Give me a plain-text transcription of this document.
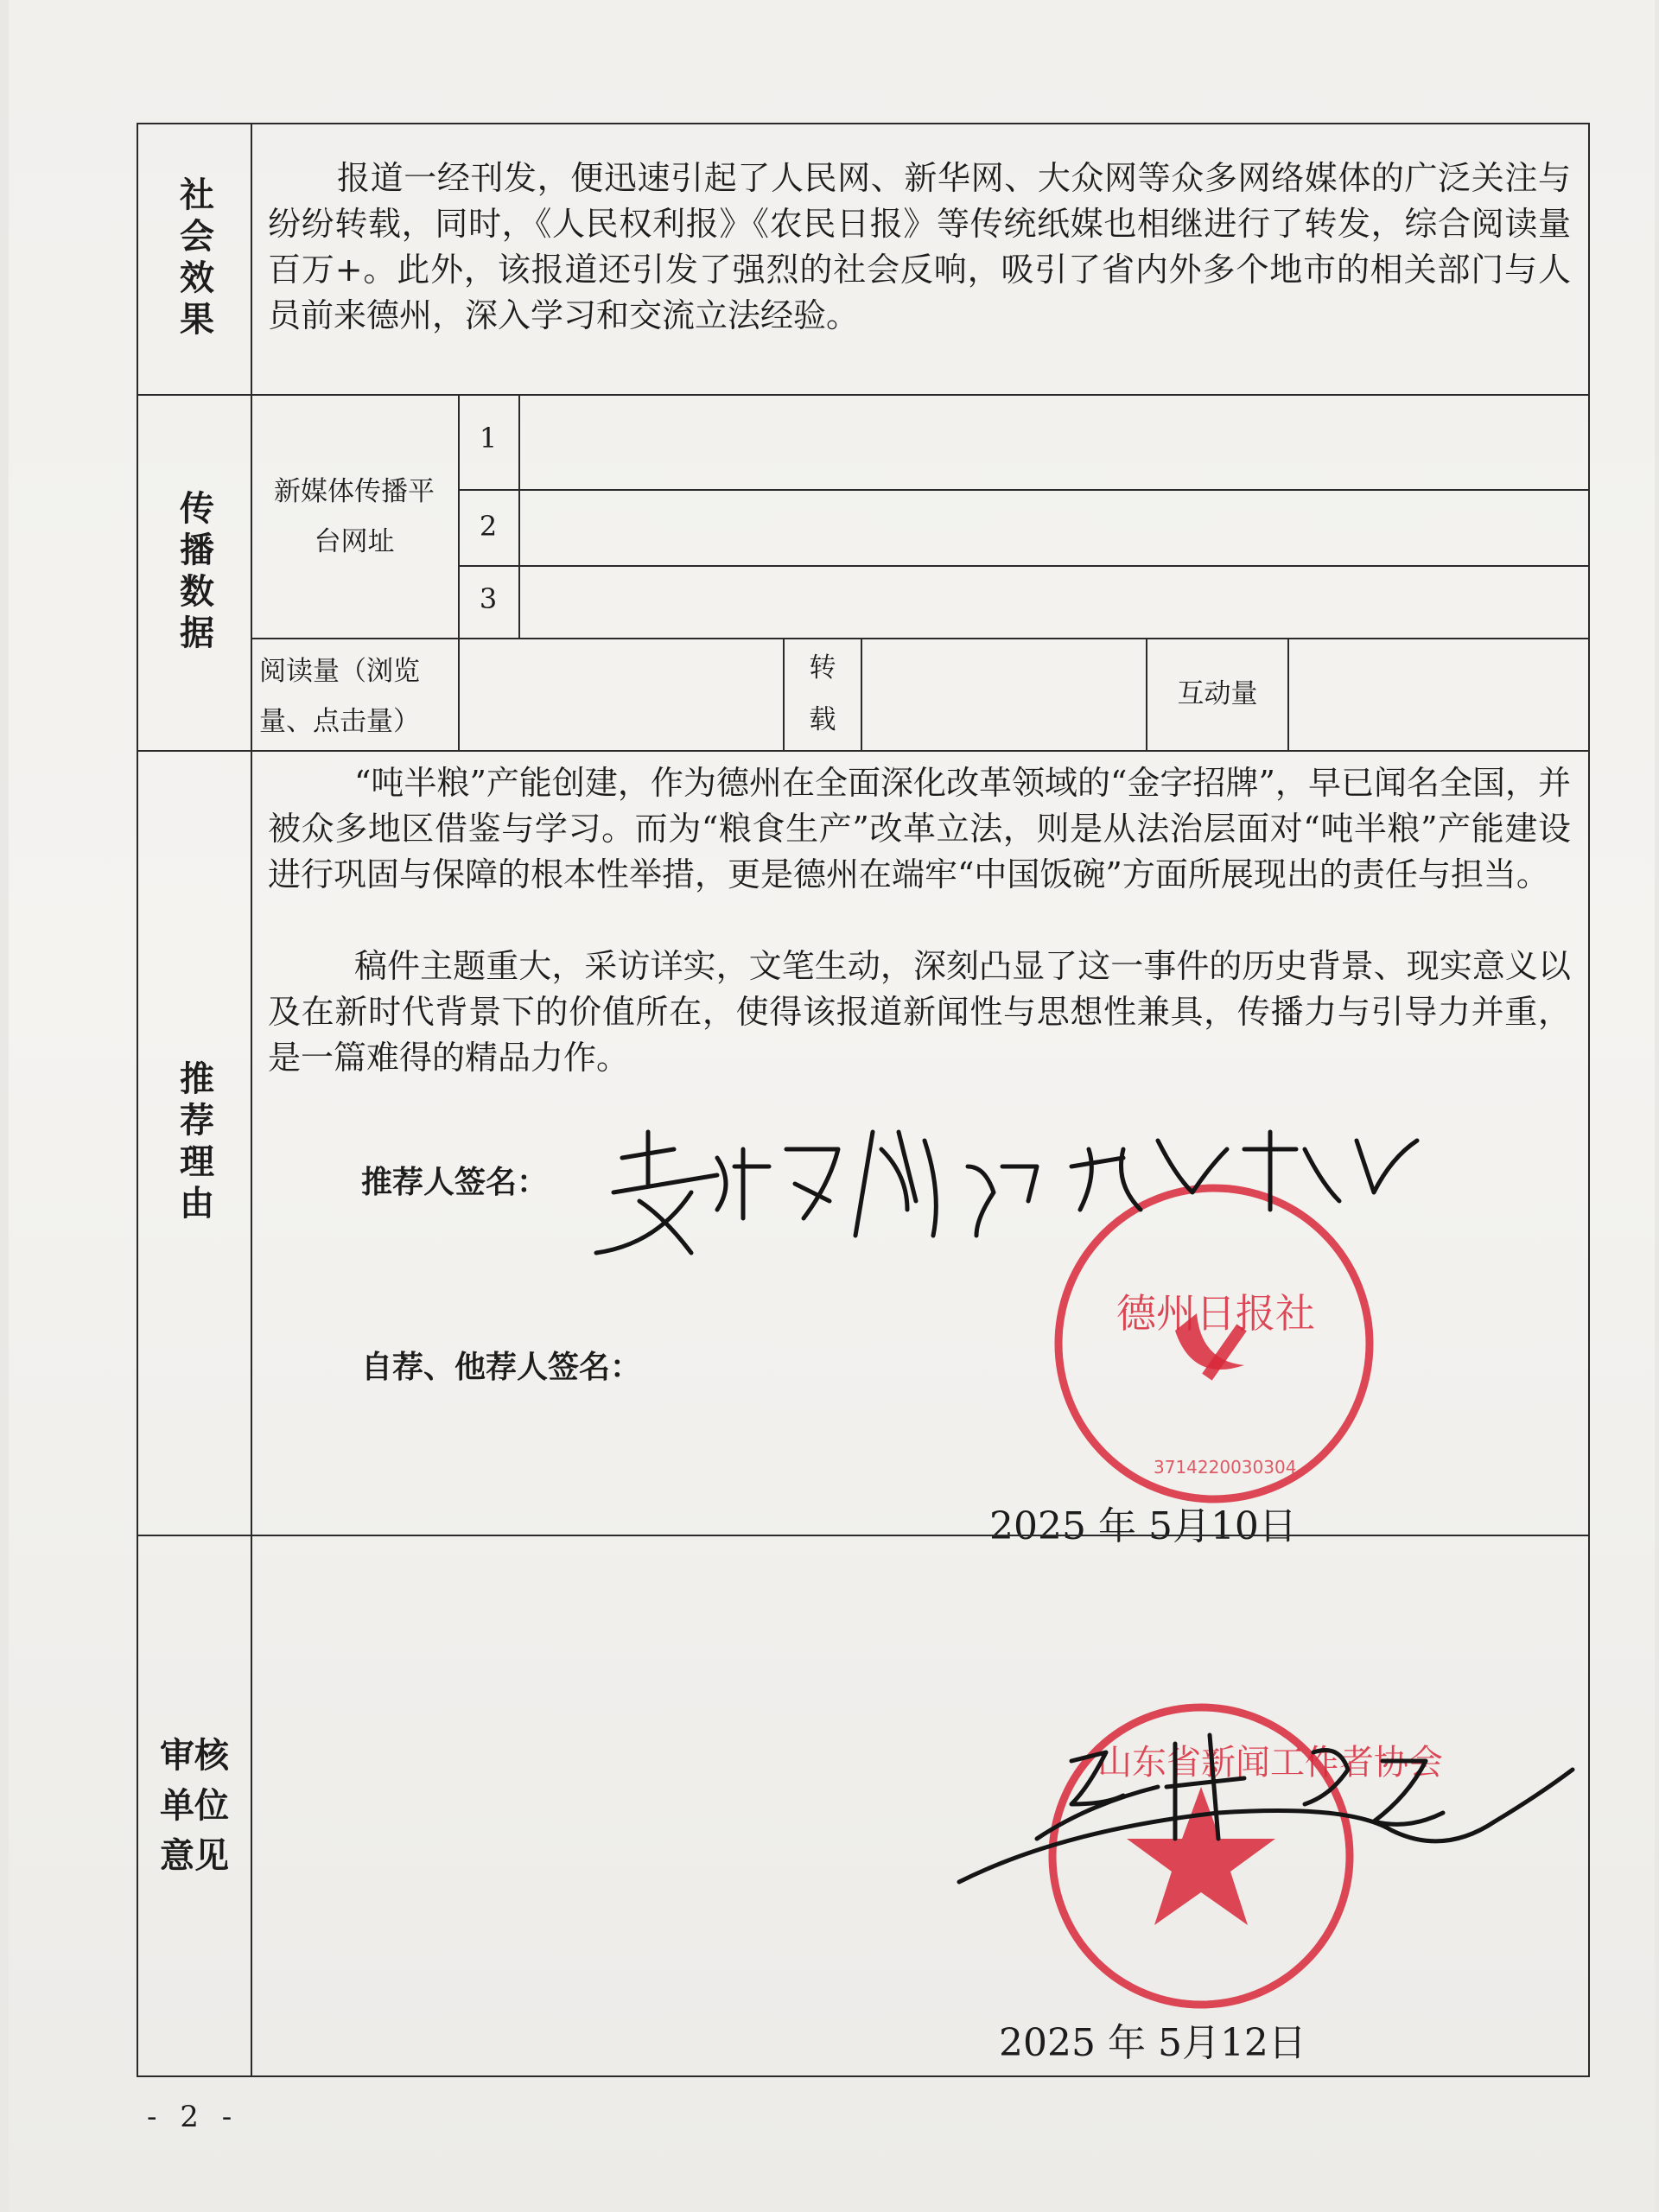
社会效果	报道一经刊发，便迅速引起了人民网、新华网、大众网等众多网络媒体的广泛关注与纷纷转载，同时，《人民权利报》《农民日报》等传统纸媒也相继进行了转发，综合阅读量百万+。此外，该报道还引发了强烈的社会反响，吸引了省内外多个地市的相关部门与人员前来德州，深入学习和交流立法经验。
传播数据 新媒体传播平台网址
1
2
3
阅读量（浏览量、点击量）
转载
互动量
推荐理由
“吨半粮”产能创建，作为德州在全面深化改革领域的“金字招牌”，早已闻名全国，并被众多地区借鉴与学习。而为“粮食生产”改革立法，则是从法治层面对“吨半粮”产能建设进行巩固与保障的根本性举措，更是德州在端牢“中国饭碗”方面所展现出的责任与担当。
稿件主题重大，采访详实，文笔生动，深刻凸显了这一事件的历史背景、现实意义以及在新时代背景下的价值所在，使得该报道新闻性与思想性兼具，传播力与引导力并重，是一篇难得的精品力作。
推荐人签名：
自荐、他荐人签名：
德州日报社
3714220030304
2025 年 5月10日
审核单位意见
山东省新闻工作者协会
2025 年 5月12日
- 2 -
